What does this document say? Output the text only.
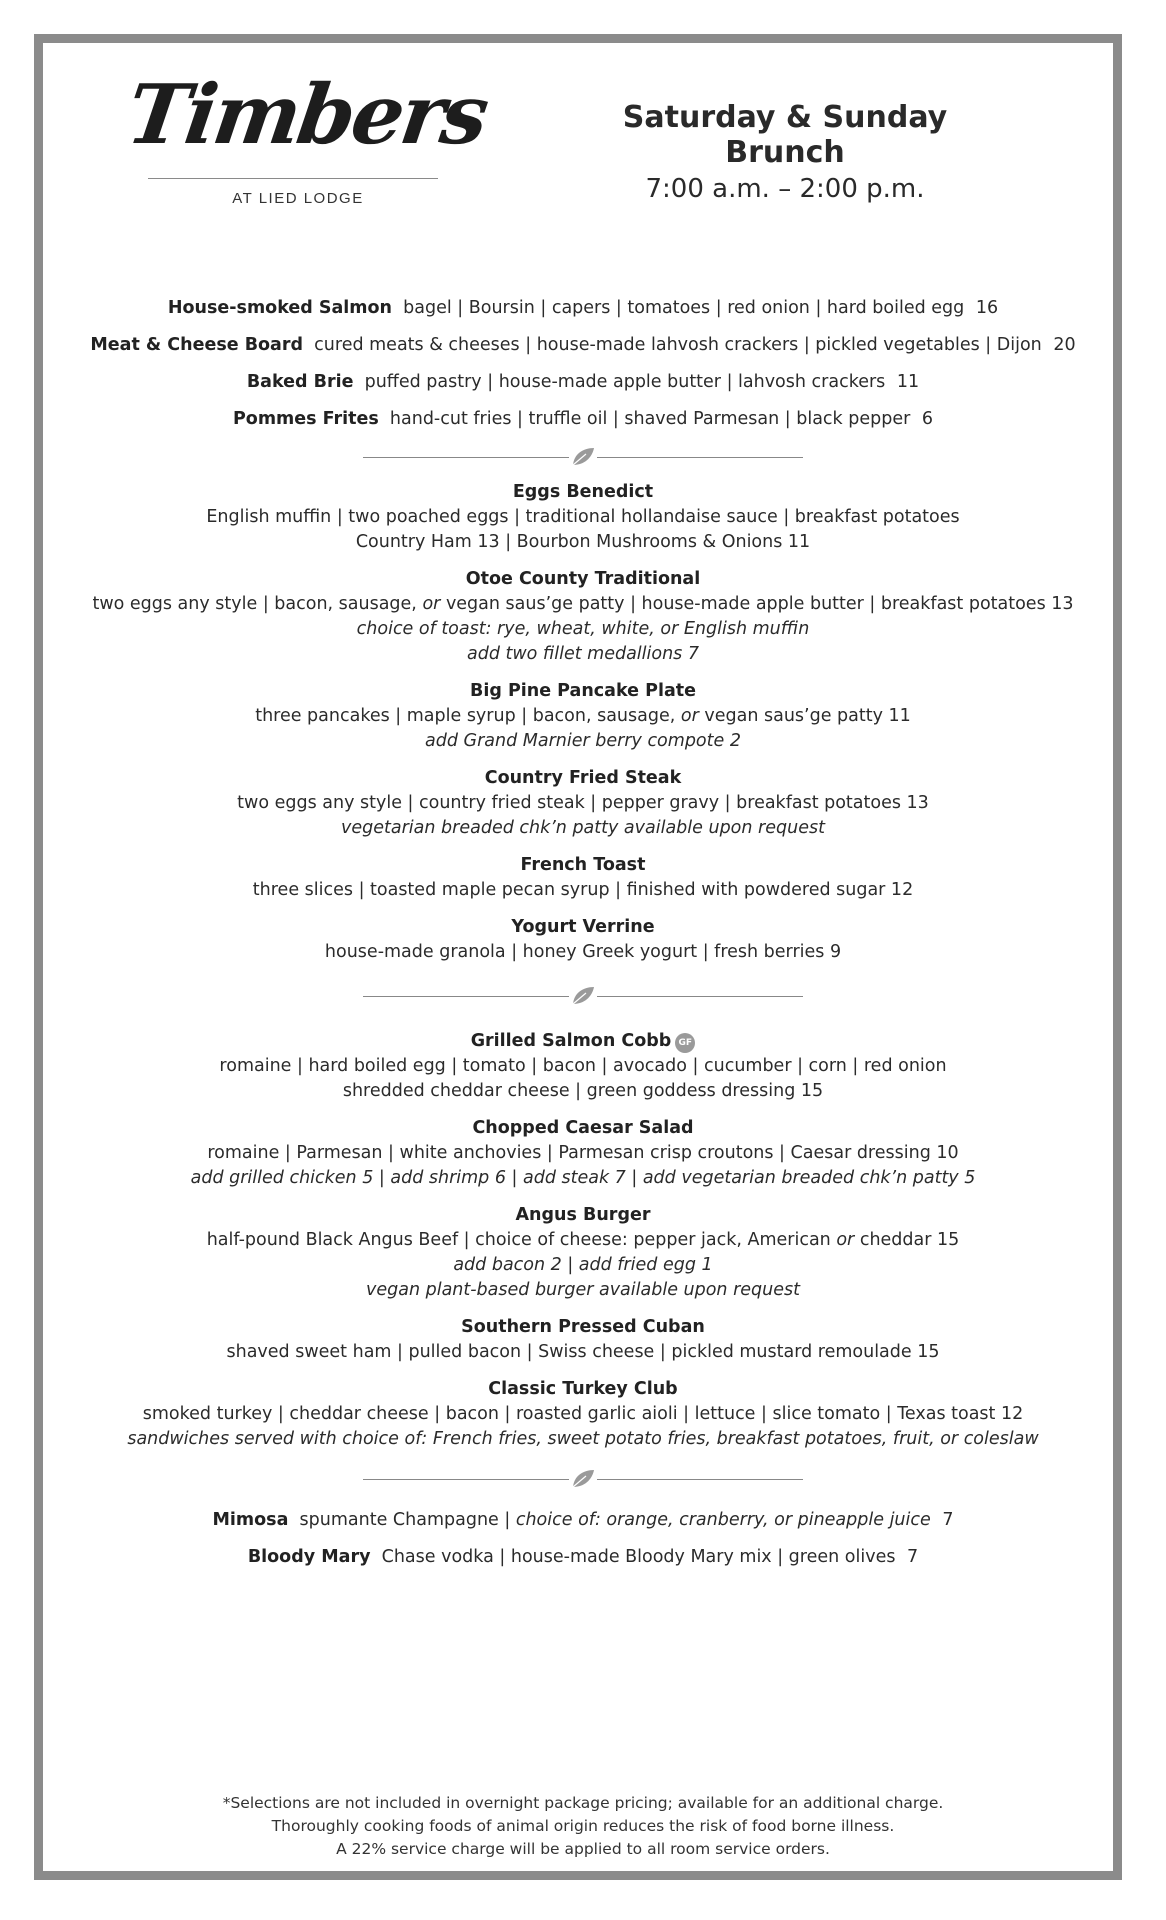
Timbers
AT LIED LODGE
Saturday & Sunday Brunch
7:00 a.m. – 2:00 p.m.
House-smoked Salmon bagel | Boursin | capers | tomatoes | red onion | hard boiled egg 16
Meat & Cheese Board cured meats & cheeses | house-made lahvosh crackers | pickled vegetables | Dijon 20
Baked Brie puffed pastry | house-made apple butter | lahvosh crackers 11
Pommes Frites hand-cut fries | truffle oil | shaved Parmesan | black pepper 6
Eggs Benedict
English muffin | two poached eggs | traditional hollandaise sauce | breakfast potatoes
Country Ham 13 | Bourbon Mushrooms & Onions 11
Otoe County Traditional
two eggs any style | bacon, sausage, or vegan saus’ge patty | house-made apple butter | breakfast potatoes 13
choice of toast: rye, wheat, white, or English muffin
add two fillet medallions 7
Big Pine Pancake Plate
three pancakes | maple syrup | bacon, sausage, or vegan saus’ge patty 11
add Grand Marnier berry compote 2
Country Fried Steak
two eggs any style | country fried steak | pepper gravy | breakfast potatoes 13
vegetarian breaded chk’n patty available upon request
French Toast
three slices | toasted maple pecan syrup | finished with powdered sugar 12
Yogurt Verrine
house-made granola | honey Greek yogurt | fresh berries 9
Grilled Salmon Cobb GF
romaine | hard boiled egg | tomato | bacon | avocado | cucumber | corn | red onion
shredded cheddar cheese | green goddess dressing 15
Chopped Caesar Salad
romaine | Parmesan | white anchovies | Parmesan crisp croutons | Caesar dressing 10
add grilled chicken 5 | add shrimp 6 | add steak 7 | add vegetarian breaded chk’n patty 5
Angus Burger
half-pound Black Angus Beef | choice of cheese: pepper jack, American or cheddar 15
add bacon 2 | add fried egg 1
vegan plant-based burger available upon request
Southern Pressed Cuban
shaved sweet ham | pulled bacon | Swiss cheese | pickled mustard remoulade 15
Classic Turkey Club
smoked turkey | cheddar cheese | bacon | roasted garlic aioli | lettuce | slice tomato | Texas toast 12
sandwiches served with choice of: French fries, sweet potato fries, breakfast potatoes, fruit, or coleslaw
Mimosa spumante Champagne | choice of: orange, cranberry, or pineapple juice 7
Bloody Mary Chase vodka | house-made Bloody Mary mix | green olives 7
*Selections are not included in overnight package pricing; available for an additional charge.
Thoroughly cooking foods of animal origin reduces the risk of food borne illness.
A 22% service charge will be applied to all room service orders.
